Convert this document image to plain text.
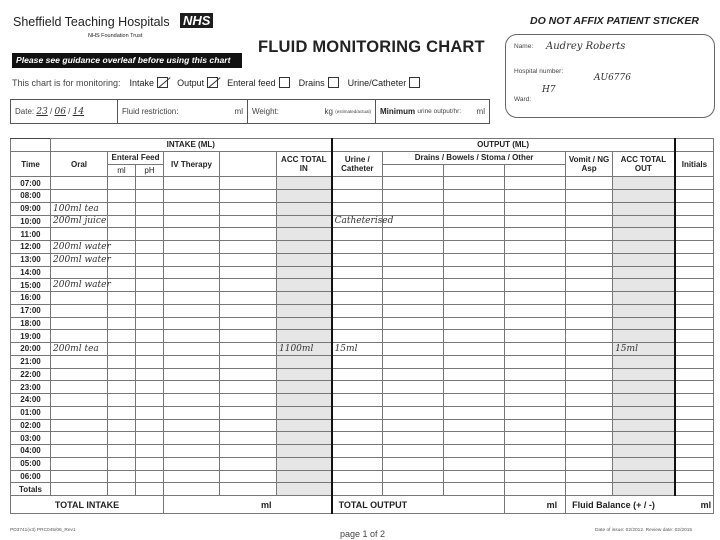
Sheffield Teaching Hospitals NHS
NHS Foundation Trust
FLUID MONITORING CHART
Please see guidance overleaf before using this chart
This chart is for monitoring: Intake	Output	Enteral feed	Drains	Urine/Catheter
Date:
23 / 06 / 14	Fluid restriction:	ml Weight:	kg
(estimated/actual) Minimum
urine output/hr: ml
DO NOT AFFIX PATIENT STICKER
Name: Audrey Roberts
Hospital number:
AU6776
Ward:
H7
	INTAKE (ML)						OUTPUT (ML)						
Time	Oral	Enteral Feed		IV Therapy		ACC TOTAL IN	Urine / Catheter	Drains / Bowels / Stoma / Other			Vomit / NG Asp	ACC TOTAL OUT	Initials
		ml	pH										
07:00													
08:00													
09:00	100ml tea												
10:00	200ml juice						Catheterised						
11:00													
12:00	200ml water												
13:00	200ml water												
14:00													
15:00	200ml water												
16:00													
17:00													
18:00													
19:00													
20:00	200ml tea					1100ml	15ml					15ml	
21:00													
22:00													
23:00													
24:00													
01:00													
02:00													
03:00													
04:00													
05:00													
06:00													
Totals													
TOTAL INTAKE				ml			TOTAL OUTPUT			ml	Fluid Balance (+ / -)		ml
PD3741(v3) PRC045/06_Rev1	page 1 of 2	Date of issue: 02/2012. Review date: 02/2015
